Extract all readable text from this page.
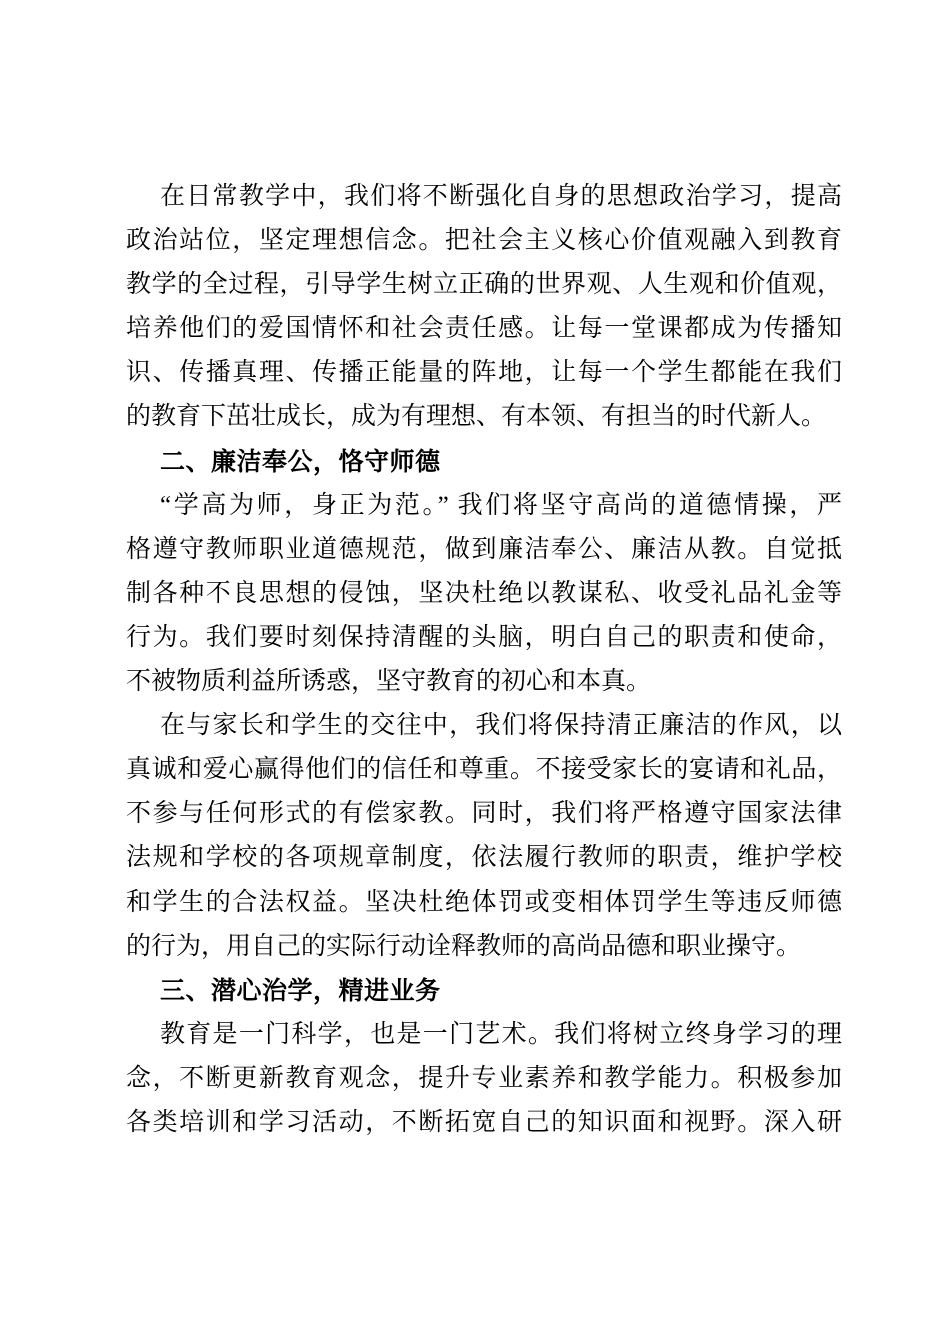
在日常教学中，我们将不断强化自身的思想政治学习，提高
政治站位，坚定理想信念。把社会主义核心价值观融入到教育
教学的全过程，引导学生树立正确的世界观、人生观和价值观，
培养他们的爱国情怀和社会责任感。让每一堂课都成为传播知
识、传播真理、传播正能量的阵地，让每一个学生都能在我们
的教育下茁壮成长，成为有理想、有本领、有担当的时代新人。
二、廉洁奉公，恪守师德
“学高为师，身正为范。” 我们将坚守高尚的道德情操，严
格遵守教师职业道德规范，做到廉洁奉公、廉洁从教。自觉抵
制各种不良思想的侵蚀，坚决杜绝以教谋私、收受礼品礼金等
行为。我们要时刻保持清醒的头脑，明白自己的职责和使命，
不被物质利益所诱惑，坚守教育的初心和本真。
在与家长和学生的交往中，我们将保持清正廉洁的作风，以
真诚和爱心赢得他们的信任和尊重。不接受家长的宴请和礼品，
不参与任何形式的有偿家教。同时，我们将严格遵守国家法律
法规和学校的各项规章制度，依法履行教师的职责，维护学校
和学生的合法权益。坚决杜绝体罚或变相体罚学生等违反师德
的行为，用自己的实际行动诠释教师的高尚品德和职业操守。
三、潜心治学，精进业务
教育是一门科学，也是一门艺术。我们将树立终身学习的理
念，不断更新教育观念，提升专业素养和教学能力。积极参加
各类培训和学习活动，不断拓宽自己的知识面和视野。深入研
